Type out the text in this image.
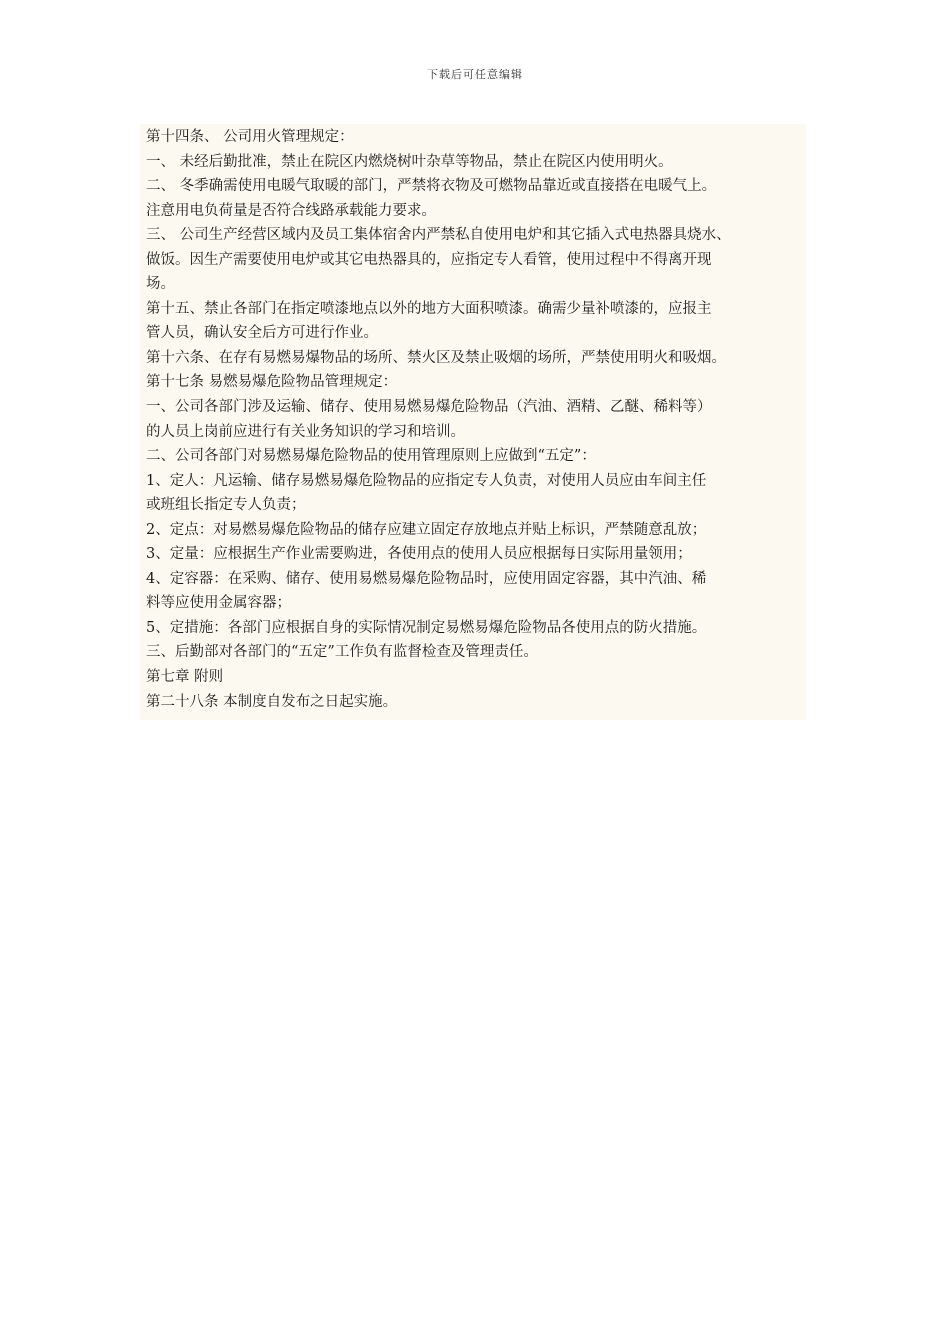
下载后可任意编辑
第十四条、 公司用火管理规定：
一、 未经后勤批准，禁止在院区内燃烧树叶杂草等物品，禁止在院区内使用明火。
二、 冬季确需使用电暖气取暖的部门，严禁将衣物及可燃物品靠近或直接搭在电暖气上。
注意用电负荷量是否符合线路承载能力要求。
三、 公司生产经营区域内及员工集体宿舍内严禁私自使用电炉和其它插入式电热器具烧水、
做饭。因生产需要使用电炉或其它电热器具的，应指定专人看管，使用过程中不得离开现
场。
第十五、禁止各部门在指定喷漆地点以外的地方大面积喷漆。确需少量补喷漆的，应报主
管人员，确认安全后方可进行作业。
第十六条、在存有易燃易爆物品的场所、禁火区及禁止吸烟的场所，严禁使用明火和吸烟。
第十七条 易燃易爆危险物品管理规定：
一、公司各部门涉及运输、储存、使用易燃易爆危险物品（汽油、酒精、乙醚、稀料等）
的人员上岗前应进行有关业务知识的学习和培训。
二、公司各部门对易燃易爆危险物品的使用管理原则上应做到“五定”：
1、定人：凡运输、储存易燃易爆危险物品的应指定专人负责，对使用人员应由车间主任
或班组长指定专人负责；
2、定点：对易燃易爆危险物品的储存应建立固定存放地点并贴上标识，严禁随意乱放；
3、定量：应根据生产作业需要购进，各使用点的使用人员应根据每日实际用量领用；
4、定容器：在采购、储存、使用易燃易爆危险物品时，应使用固定容器，其中汽油、稀
料等应使用金属容器；
5、定措施：各部门应根据自身的实际情况制定易燃易爆危险物品各使用点的防火措施。
三、后勤部对各部门的“五定”工作负有监督检查及管理责任。
第七章 附则
第二十八条 本制度自发布之日起实施。
